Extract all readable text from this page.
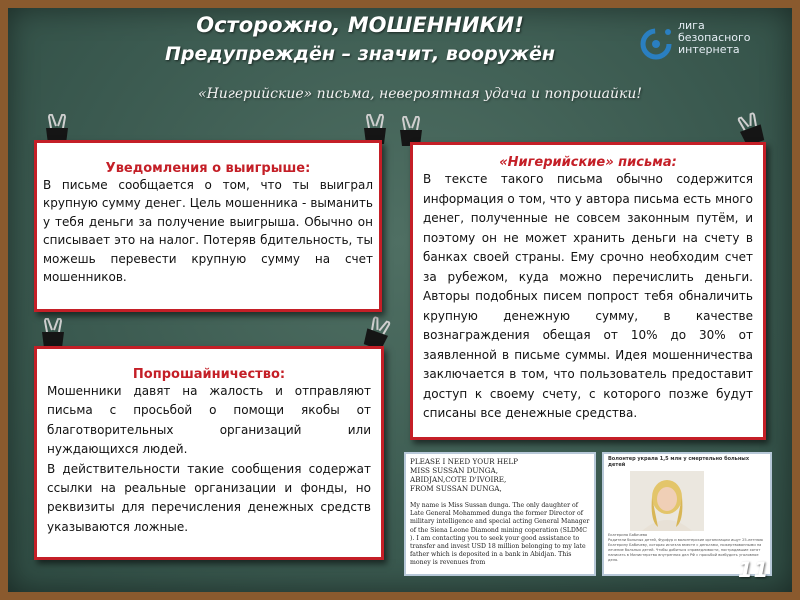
Осторожно, МОШЕННИКИ!
Предупреждён – значит, вооружён
«Нигерийские» письма, невероятная удача и попрошайки!
лига
безопасного
интернета
Уведомления о выигрыше:

В письме сообщается о том, что ты выиграл крупную сумму денег. Цель мошенника - выманить у тебя деньги за получение выигрыша. Обычно он списывает это на налог. Потеряв бдительность, ты можешь перевести крупную сумму на счет мошенников.

«Нигерийские» письма:

В тексте такого письма обычно содержится информация о том, что у автора письма есть много денег, полученные не совсем законным путём, и поэтому он не может хранить деньги на счету в банках своей страны. Ему срочно необходим счет за рубежом, куда можно перечислить деньги. Авторы подобных писем попрост тебя обналичить крупную денежную сумму, в качестве вознаграждения обещая от 10% до 30% от заявленной в письме суммы. Идея мошенничества заключается в том, что пользователь предоставит доступ к своему счету, с которого позже будут списаны все денежные средства.

Попрошайничество:

Мошенники давят на жалость и отправляют письма с просьбой о помощи якобы от благотворительных организаций или нуждающихся людей.

В действительности такие сообщения содержат ссылки на реальные организации и фонды, но реквизиты для перечисления денежных средств указываются ложные.

PLEASE I NEED YOUR HELP
MISS SUSSAN DUNGA,
ABIDJAN,COTE D'IVOIRE,
FROM SUSSAN DUNGA,
My name is Miss Sussan dunga. The only daughter of Late General Mohammed dunga the former Director of military intelligence and special acting General Manager of the Siena Leone Diamond mining coperation (SLDMC ). I am contacting you to seek your good assistance to transfer and invest USD 18 million belonging to my late father which is deposited in a bank in Abidjan. This money is revenues from
Волонтер украла 1,5 млн у смертельно больных детей
Екатерина Бабичева
Родители больных детей, Фурфур и волонтерские организации ищут 25-летнюю Екатерину Бабичеву, которая исчезла вместе с деньгами, пожертвованными на лечение больных детей. Чтобы добиться справедливости, пострадавшие хотят написать в Министерство внутренних дел РФ с просьбой возбудить уголовное дело.	11
